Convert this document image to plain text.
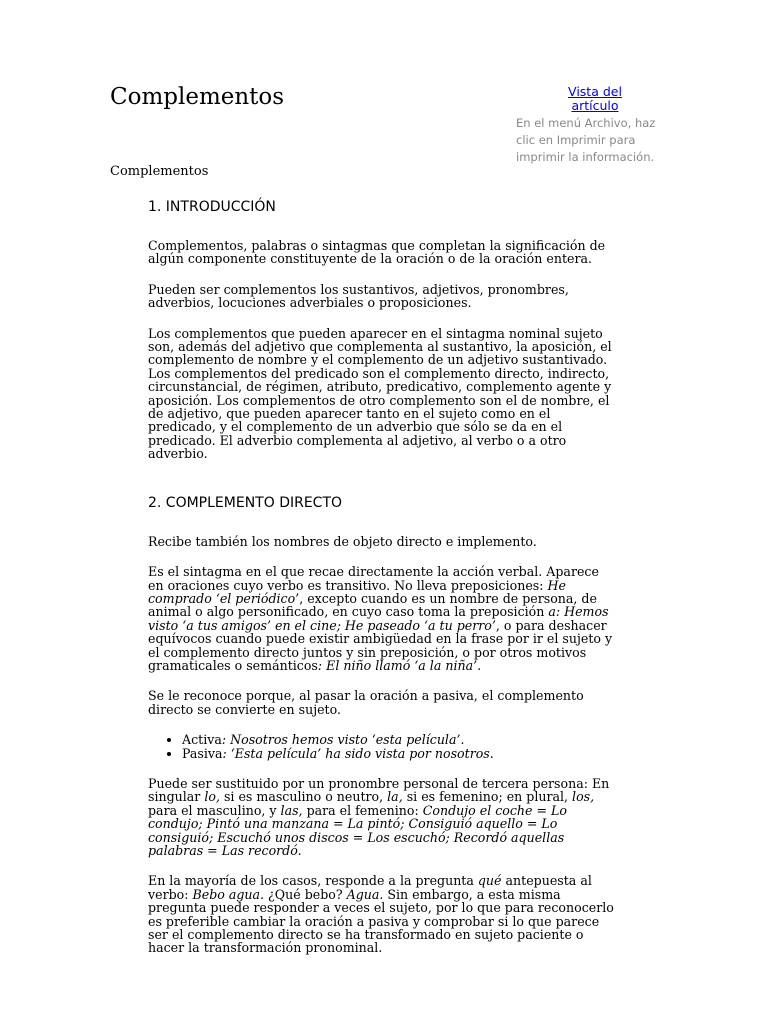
Complementos	Vista del artículo
En el menú Archivo, haz clic en Imprimir para imprimir la información.
Complementos
1. INTRODUCCIÓN

Complementos, palabras o sintagmas que completan la significación de algún componente constituyente de la oración o de la oración entera.

Pueden ser complementos los sustantivos, adjetivos, pronombres, adverbios, locuciones adverbiales o proposiciones.

Los complementos que pueden aparecer en el sintagma nominal sujeto son, además del adjetivo que complementa al sustantivo, la aposición, el complemento de nombre y el complemento de un adjetivo sustantivado. Los complementos del predicado son el complemento directo, indirecto, circunstancial, de régimen, atributo, predicativo, complemento agente y aposición. Los complementos de otro complemento son el de nombre, el de adjetivo, que pueden aparecer tanto en el sujeto como en el predicado, y el complemento de un adverbio que sólo se da en el predicado. El adverbio complementa al adjetivo, al verbo o a otro adverbio.

2. COMPLEMENTO DIRECTO

Recibe también los nombres de objeto directo e implemento.

Es el sintagma en el que recae directamente la acción verbal. Aparece en oraciones cuyo verbo es transitivo. No lleva preposiciones: He comprado ‘el periódico’, excepto cuando es un nombre de persona, de animal o algo personificado, en cuyo caso toma la preposición a: Hemos visto ‘a tus amigos’ en el cine; He paseado ‘a tu perro’, o para deshacer equívocos cuando puede existir ambigüedad en la frase por ir el sujeto y el complemento directo juntos y sin preposición, o por otros motivos gramaticales o semánticos: El niño llamó ‘a la niña’.

Se le reconoce porque, al pasar la oración a pasiva, el complemento directo se convierte en sujeto.

• Activa: Nosotros hemos visto ‘esta película’.
• Pasiva: ‘Esta película’ ha sido vista por nosotros.

Puede ser sustituido por un pronombre personal de tercera persona: En singular lo, si es masculino o neutro, la, si es femenino; en plural, los, para el masculino, y las, para el femenino: Condujo el coche = Lo condujo; Pintó una manzana = La pintó; Consiguió aquello = Lo consiguió; Escuchó unos discos = Los escuchó; Recordó aquellas palabras = Las recordó.

En la mayoría de los casos, responde a la pregunta qué antepuesta al verbo: Bebo agua. ¿Qué bebo? Agua. Sin embargo, a esta misma pregunta puede responder a veces el sujeto, por lo que para reconocerlo es preferible cambiar la oración a pasiva y comprobar si lo que parece ser el complemento directo se ha transformado en sujeto paciente o hacer la transformación pronominal.
